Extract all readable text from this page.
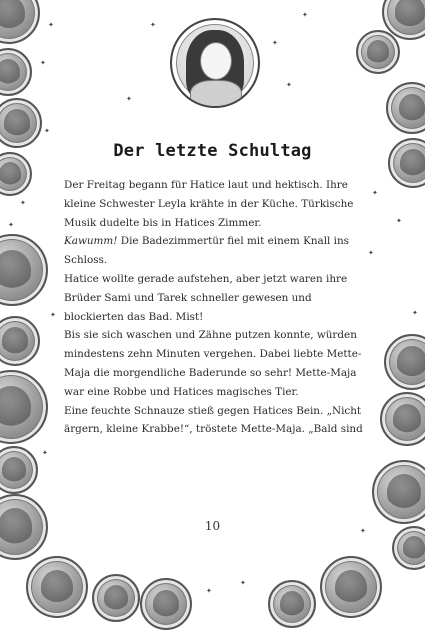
✦
✦
✦
✦
✦
✦
✦
✦
✦
✦
✦
✦
✦
✦
✦
✦
✦
✦
✦
Der letzte Schultag

Der Freitag begann für Hatice laut und hektisch. Ihre kleine Schwester Leyla krähte in der Küche. Türkische Musik dudelte bis in Hatices Zimmer.

Kawumm! Die Badezimmertür fiel mit einem Knall ins Schloss.

Hatice wollte gerade aufstehen, aber jetzt waren ihre Brüder Sami und Tarek schneller gewesen und blockierten das Bad. Mist!

Bis sie sich waschen und Zähne putzen konnte, würden mindestens zehn Minuten vergehen. Dabei liebte Mette-Maja die morgendliche Baderunde so sehr! Mette-Maja war eine Robbe und Hatices magisches Tier.

Eine feuchte Schnauze stieß gegen Hatices Bein. „Nicht ärgern, kleine Krabbe!“, tröstete Mette-Maja. „Bald sind

10
